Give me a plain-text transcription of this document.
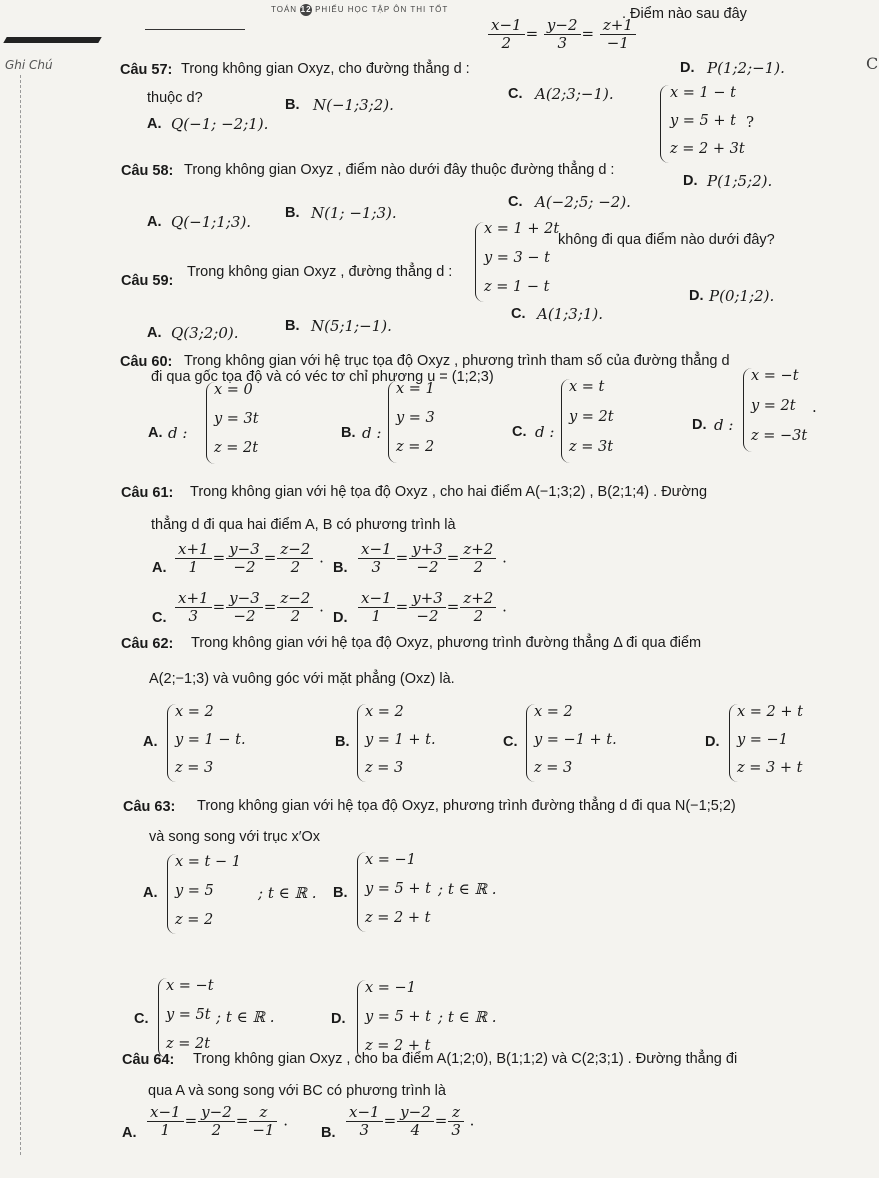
TOÁN 12 PHIẾU HỌC TẬP ÔN THI TỐT
Ghi Chú	C
Câu 57: Trong không gian Oxyz, cho đường thẳng d :
$\frac{x-1}{2} = \frac{y-2}{3} = \frac{z+1}{-1}$
. Điểm nào sau đây
thuộc d?
A. Q(−1; −2;1).
B. N(−1;3;2).
C. A(2;3;−1).
D. P(1;2;−1).
Câu 58: Trong không gian Oxyz , điểm nào dưới đây thuộc đường thẳng d :
x = 1 − t
y = 5 + t
z = 2 + 3t
?
A. Q(−1;1;3). B. N(1; −1;3).
C. A(−2;5; −2).
D. P(1;5;2).
Câu 59:
Trong không gian Oxyz , đường thẳng d :
x = 1 + 2t
y = 3 − t
z = 1 − t
không đi qua điểm nào dưới đây?
A. Q(3;2;0).	B. N(5;1;−1).
C. A(1;3;1).
D. P(0;1;2).
Câu 60: Trong không gian với hệ trục tọa độ Oxyz , phương trình tham số của đường thẳng d
đi qua gốc tọa độ và có véc tơ chỉ phương u = (1;2;3)
A. d :
x = 0
y = 3t
z = 2t
B. d :
x = 1
y = 3
z = 2
C. d :
x = t
y = 2t
z = 3t
D. d :
x = −t
y = 2t
z = −3t
.
Câu 61: Trong không gian với hệ tọa độ Oxyz , cho hai điểm A(−1;3;2) , B(2;1;4) . Đường
thẳng d đi qua hai điểm A, B có phương trình là
A. $\frac{x+1}{1} = \frac{y-3}{-2} = \frac{z-2}{2}$ .
B. $\frac{x-1}{3} = \frac{y+3}{-2} = \frac{z+2}{2}$ .
C. $\frac{x+1}{3} = \frac{y-3}{-2} = \frac{z-2}{2}$ .
D. $\frac{x-1}{1} = \frac{y+3}{-2} = \frac{z+2}{2}$ .
Câu 62: Trong không gian với hệ tọa độ Oxyz, phương trình đường thẳng Δ đi qua điểm
A(2;−1;3) và vuông góc với mặt phẳng (Oxz) là.
A.
x = 2
y = 1 − t.
z = 3
B.
x = 2
y = 1 + t.
z = 3
C.
x = 2
y = −1 + t.
z = 3
D.
x = 2 + t
y = −1
z = 3 + t
Câu 63: Trong không gian với hệ tọa độ Oxyz, phương trình đường thẳng d đi qua N(−1;5;2)
và song song với trục x′Ox
A.
x = t − 1
y = 5
z = 2
; t ∈ ℝ . B.
x = −1
y = 5 + t
z = 2 + t
; t ∈ ℝ .
C.
x = −t
y = 5t
z = 2t
; t ∈ ℝ .	D.
x = −1
y = 5 + t
z = 2 + t
; t ∈ ℝ .
Câu 64: Trong không gian Oxyz , cho ba điểm A(1;2;0), B(1;1;2) và C(2;3;1) . Đường thẳng đi
qua A và song song với BC có phương trình là
A. $\frac{x-1}{1} = \frac{y-2}{2} = \frac{z}{-1}$ .
B. $\frac{x-1}{3} = \frac{y-2}{4} = \frac{z}{3}$ .
